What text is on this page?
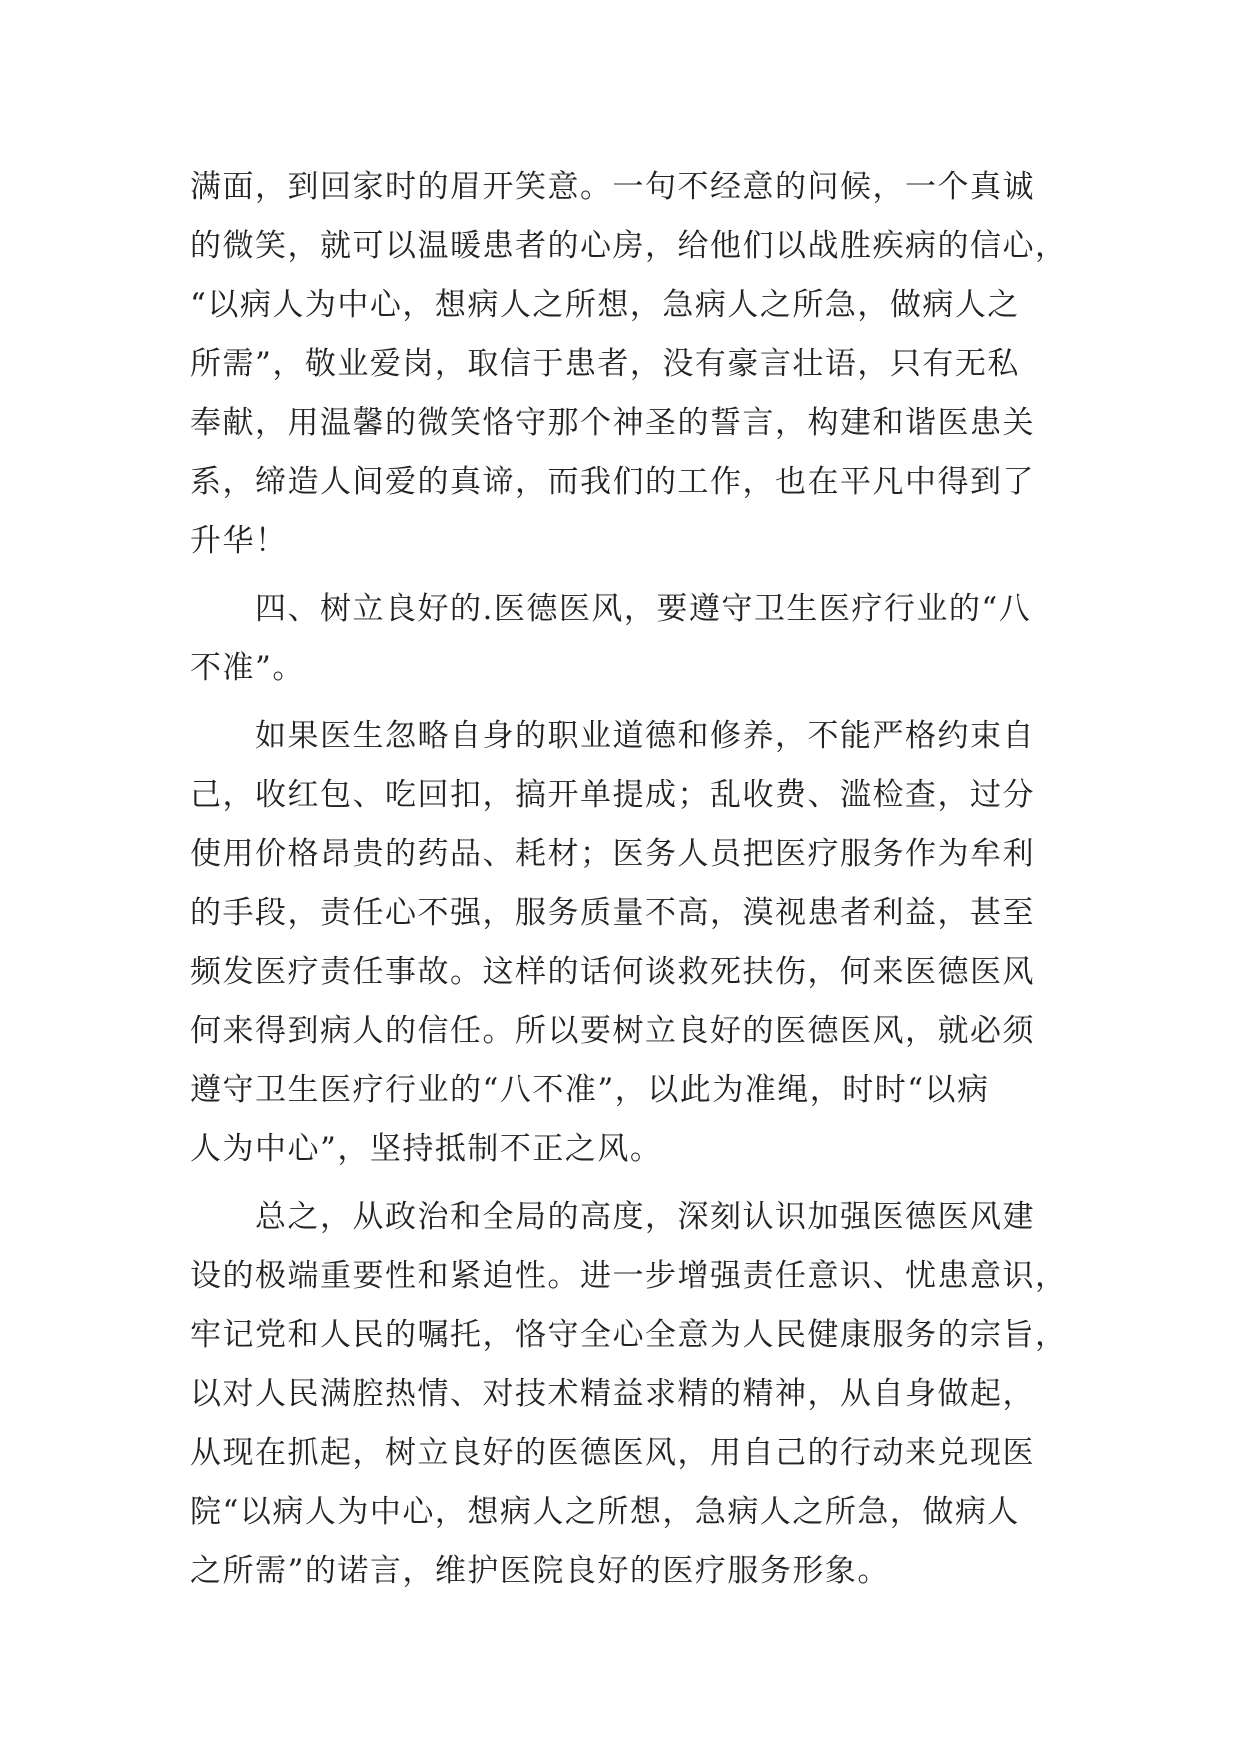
满面，到回家时的眉开笑意。一句不经意的问候，一个真诚
的微笑，就可以温暖患者的心房，给他们以战胜疾病的信心，
“以病人为中心，想病人之所想，急病人之所急，做病人之
所需”，敬业爱岗，取信于患者，没有豪言壮语，只有无私
奉献，用温馨的微笑恪守那个神圣的誓言，构建和谐医患关
系，缔造人间爱的真谛，而我们的工作，也在平凡中得到了
升华！

　　四、树立良好的.医德医风，要遵守卫生医疗行业的“八
不准”。

　　如果医生忽略自身的职业道德和修养，不能严格约束自
己，收红包、吃回扣，搞开单提成；乱收费、滥检查，过分
使用价格昂贵的药品、耗材；医务人员把医疗服务作为牟利
的手段，责任心不强，服务质量不高，漠视患者利益，甚至
频发医疗责任事故。这样的话何谈救死扶伤，何来医德医风
何来得到病人的信任。所以要树立良好的医德医风，就必须
遵守卫生医疗行业的“八不准”，以此为准绳，时时“以病
人为中心”，坚持抵制不正之风。

　　总之，从政治和全局的高度，深刻认识加强医德医风建
设的极端重要性和紧迫性。进一步增强责任意识、忧患意识，
牢记党和人民的嘱托，恪守全心全意为人民健康服务的宗旨，
以对人民满腔热情、对技术精益求精的精神，从自身做起，
从现在抓起，树立良好的医德医风，用自己的行动来兑现医
院“以病人为中心，想病人之所想，急病人之所急，做病人
之所需”的诺言，维护医院良好的医疗服务形象。
